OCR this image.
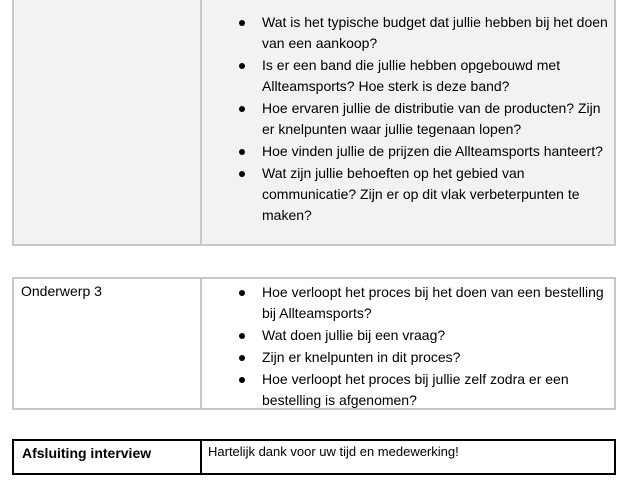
Wat is het typische budget dat jullie hebben bij het doen van een aankoop?
Is er een band die jullie hebben opgebouwd met Allteamsports? Hoe sterk is deze band?
Hoe ervaren jullie de distributie van de producten? Zijn er knelpunten waar jullie tegenaan lopen?
Hoe vinden jullie de prijzen die Allteamsports hanteert?
Wat zijn jullie behoeften op het gebied van communicatie? Zijn er op dit vlak verbeterpunten te maken?
Onderwerp 3	Hoe verloopt het proces bij het doen van een bestelling bij Allteamsports?
Wat doen jullie bij een vraag?
Zijn er knelpunten in dit proces?
Hoe verloopt het proces bij jullie zelf zodra er een bestelling is afgenomen?
Afsluiting interview	Hartelijk dank voor uw tijd en medewerking!
